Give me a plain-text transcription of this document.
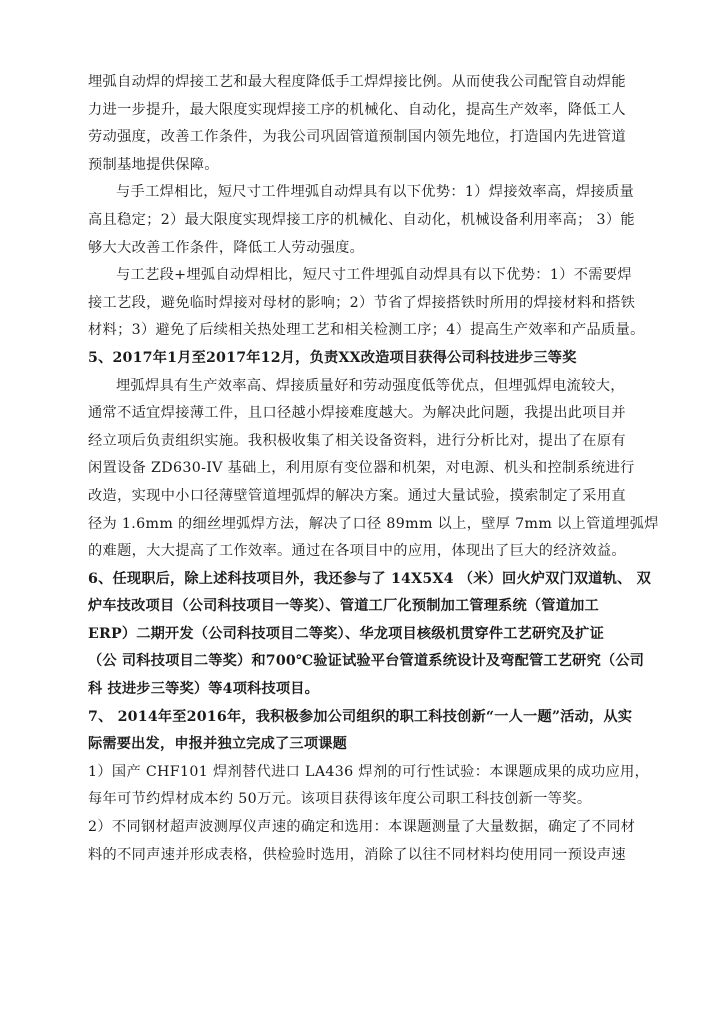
埋弧自动焊的焊接工艺和最大程度降低手工焊焊接比例。从而使我公司配管自动焊能
力进一步提升，最大限度实现焊接工序的机械化、自动化，提高生产效率，降低工人
劳动强度，改善工作条件，为我公司巩固管道预制国内领先地位，打造国内先进管道
预制基地提供保障。
与手工焊相比，短尺寸工件埋弧自动焊具有以下优势：1）焊接效率高，焊接质量
高且稳定；2）最大限度实现焊接工序的机械化、自动化，机械设备利用率高； 3）能
够大大改善工作条件，降低工人劳动强度。
与工艺段+埋弧自动焊相比，短尺寸工件埋弧自动焊具有以下优势：1）不需要焊
接工艺段，避免临时焊接对母材的影响；2）节省了焊接搭铁时所用的焊接材料和搭铁
材料；3）避免了后续相关热处理工艺和相关检测工序；4）提高生产效率和产品质量。
5、2017年1月至2017年12月，负责XX改造项目获得公司科技进步三等奖
埋弧焊具有生产效率高、焊接质量好和劳动强度低等优点，但埋弧焊电流较大，
通常不适宜焊接薄工件，且口径越小焊接难度越大。为解决此问题，我提出此项目并
经立项后负责组织实施。我积极收集了相关设备资料，进行分析比对，提出了在原有
闲置设备 ZD630-IV 基础上，利用原有变位器和机架，对电源、机头和控制系统进行
改造，实现中小口径薄壁管道埋弧焊的解决方案。通过大量试验，摸索制定了采用直
径为 1.6mm 的细丝埋弧焊方法，解决了口径 89mm 以上，壁厚 7mm 以上管道埋弧焊
的难题，大大提高了工作效率。通过在各项目中的应用，体现出了巨大的经济效益。
6、任现职后，除上述科技项目外，我还参与了 14X5X4 （米）回火炉双门双道轨、 双
炉车技改项目（公司科技项目一等奖）、管道工厂化预制加工管理系统（管道加工
ERP）二期开发（公司科技项目二等奖）、华龙项目核级机贯穿件工艺研究及扩证
（公 司科技项目二等奖）和700℃验证试验平台管道系统设计及弯配管工艺研究（公司
科 技进步三等奖）等4项科技项目。
7、 2014年至2016年，我积极参加公司组织的职工科技创新“一人一题”活动，从实
际需要出发，申报并独立完成了三项课题
1）国产 CHF101 焊剂替代进口 LA436 焊剂的可行性试验：本课题成果的成功应用，
每年可节约焊材成本约 50万元。该项目获得该年度公司职工科技创新一等奖。
2）不同钢材超声波测厚仪声速的确定和选用：本课题测量了大量数据，确定了不同材
料的不同声速并形成表格，供检验时选用，消除了以往不同材料均使用同一预设声速
